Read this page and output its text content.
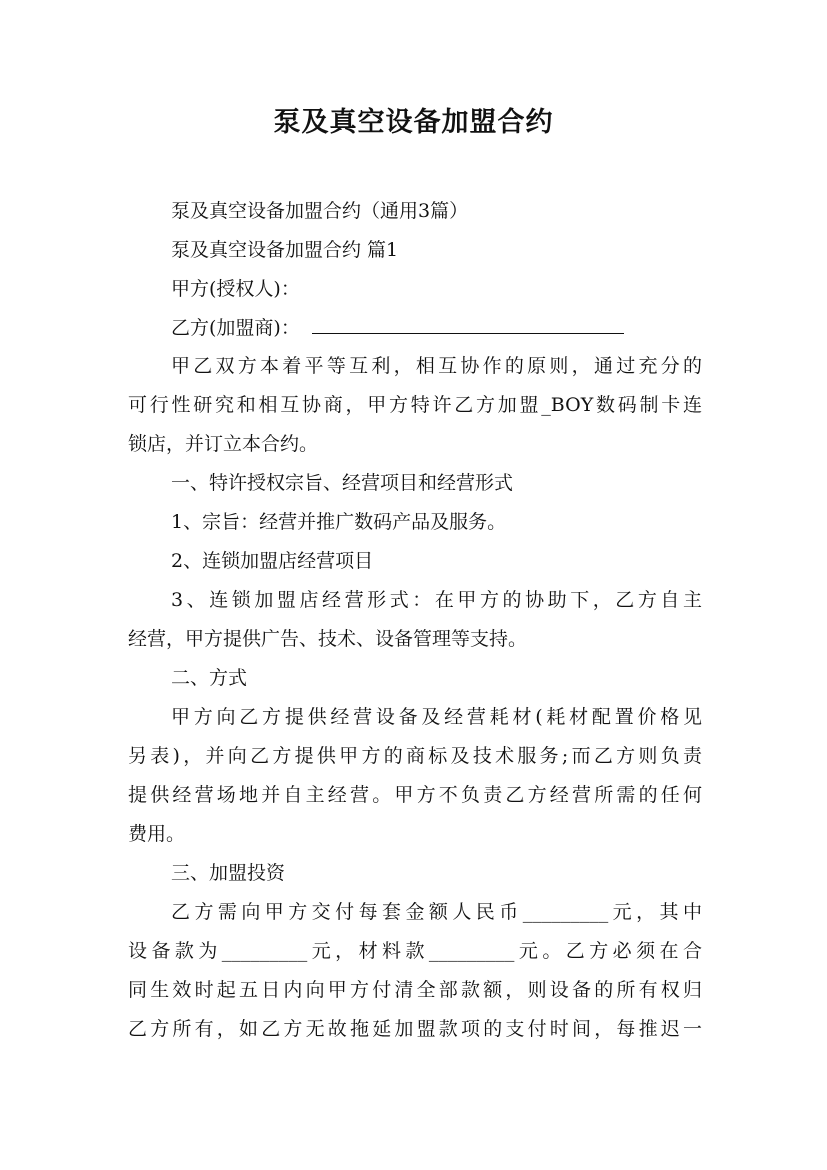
泵及真空设备加盟合约
泵及真空设备加盟合约（通用3篇）
泵及真空设备加盟合约 篇1
甲方(授权人)：
乙方(加盟商)：
甲乙双方本着平等互利，相互协作的原则，通过充分的
可行性研究和相互协商，甲方特许乙方加盟_BOY数码制卡连
锁店，并订立本合约。
一、特许授权宗旨、经营项目和经营形式
1、宗旨：经营并推广数码产品及服务。
2、连锁加盟店经营项目
3、连锁加盟店经营形式：在甲方的协助下，乙方自主
经营，甲方提供广告、技术、设备管理等支持。
二、方式
甲方向乙方提供经营设备及经营耗材(耗材配置价格见
另表)，并向乙方提供甲方的商标及技术服务;而乙方则负责
提供经营场地并自主经营。甲方不负责乙方经营所需的任何
费用。
三、加盟投资
乙方需向甲方交付每套金额人民币_________元，其中
设备款为_________元，材料款_________元。乙方必须在合
同生效时起五日内向甲方付清全部款额，则设备的所有权归
乙方所有，如乙方无故拖延加盟款项的支付时间，每推迟一
